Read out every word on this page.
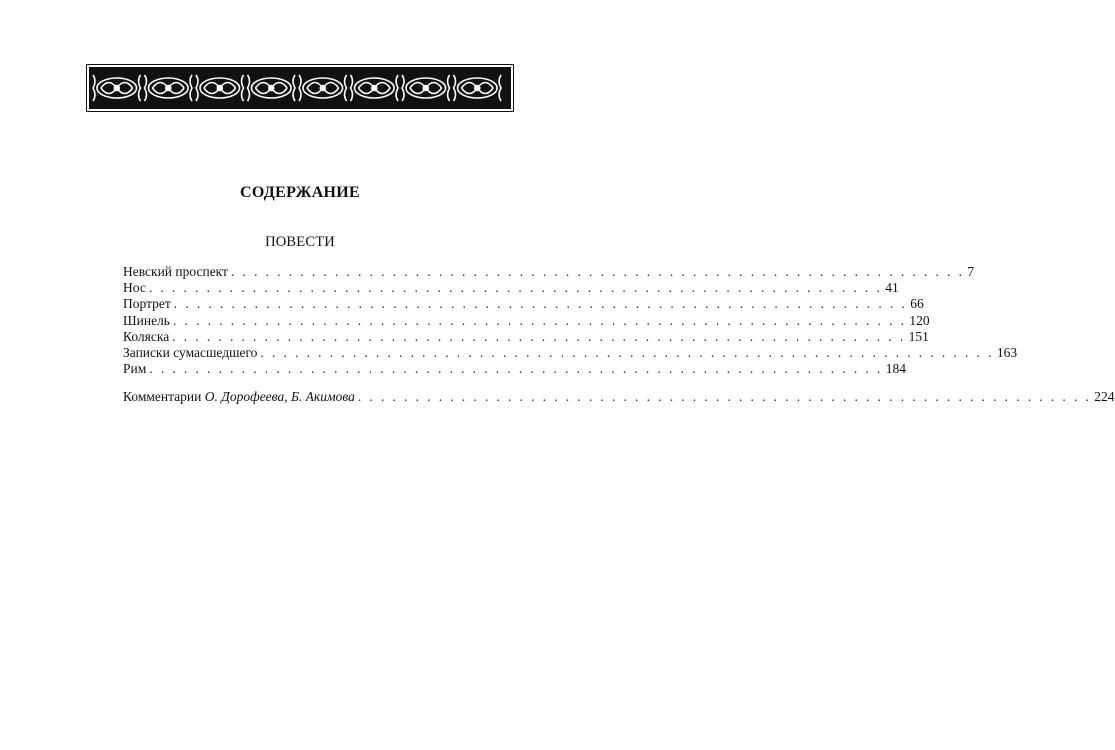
СОДЕРЖАНИЕ
ПОВЕСТИ
Невский проспект . . . . . . . . . . . . . . . . . . . . . . . . . . . . . . . . . . . . . . . . . . . . . . . . . . . . . . . . . . . . . . . . 7
Нос . . . . . . . . . . . . . . . . . . . . . . . . . . . . . . . . . . . . . . . . . . . . . . . . . . . . . . . . . . . . . . . . 41
Портрет . . . . . . . . . . . . . . . . . . . . . . . . . . . . . . . . . . . . . . . . . . . . . . . . . . . . . . . . . . . . . . . . 66
Шинель . . . . . . . . . . . . . . . . . . . . . . . . . . . . . . . . . . . . . . . . . . . . . . . . . . . . . . . . . . . . . . . . 120
Коляска . . . . . . . . . . . . . . . . . . . . . . . . . . . . . . . . . . . . . . . . . . . . . . . . . . . . . . . . . . . . . . . . 151
Записки сумасшедшего . . . . . . . . . . . . . . . . . . . . . . . . . . . . . . . . . . . . . . . . . . . . . . . . . . . . . . . . . . . . . . . . 163
Рим . . . . . . . . . . . . . . . . . . . . . . . . . . . . . . . . . . . . . . . . . . . . . . . . . . . . . . . . . . . . . . . . 184
Комментарии О. Дорофеева, Б. Акимова . . . . . . . . . . . . . . . . . . . . . . . . . . . . . . . . . . . . . . . . . . . . . . . . . . . . . . . . . . . . . . . . 224
